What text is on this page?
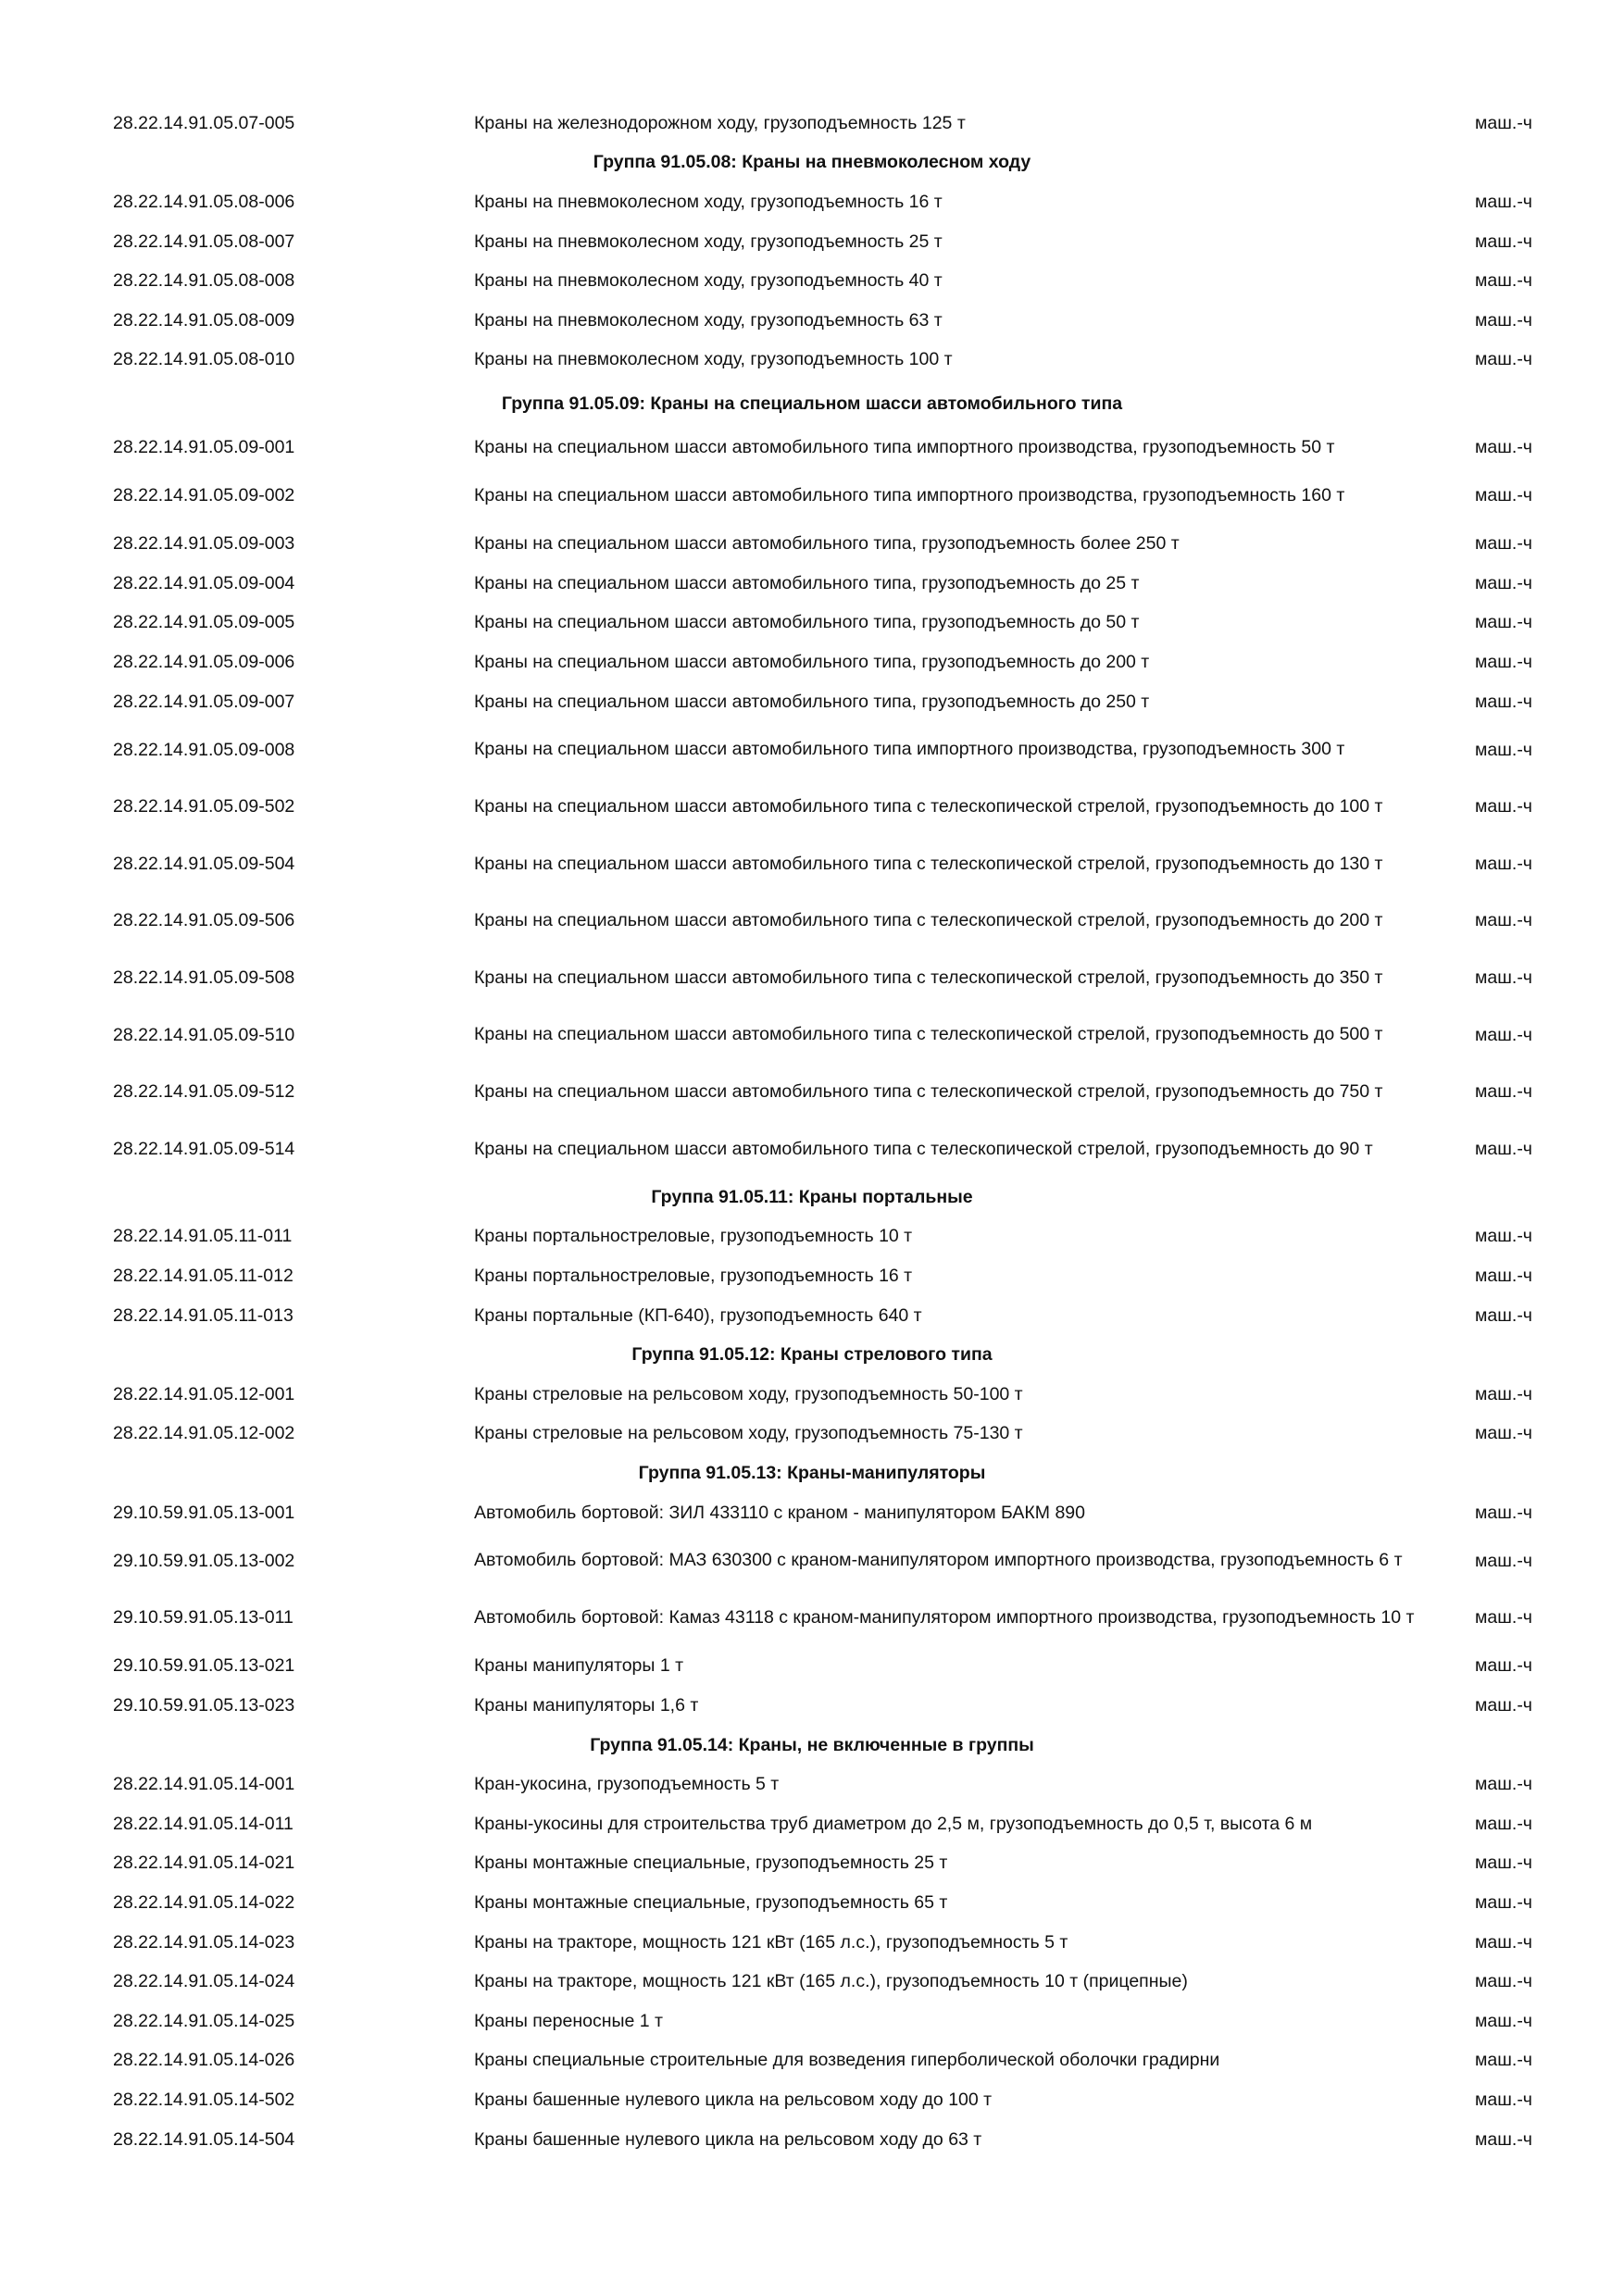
28.22.14.91.05.07-005	Краны на железнодорожном ходу, грузоподъемность 125 т	маш.-ч
Группа 91.05.08: Краны на пневмоколесном ходу
28.22.14.91.05.08-006	Краны на пневмоколесном ходу, грузоподъемность 16 т	маш.-ч
28.22.14.91.05.08-007	Краны на пневмоколесном ходу, грузоподъемность 25 т	маш.-ч
28.22.14.91.05.08-008	Краны на пневмоколесном ходу, грузоподъемность 40 т	маш.-ч
28.22.14.91.05.08-009	Краны на пневмоколесном ходу, грузоподъемность 63 т	маш.-ч
28.22.14.91.05.08-010	Краны на пневмоколесном ходу, грузоподъемность 100 т	маш.-ч
Группа 91.05.09: Краны на специальном шасси автомобильного типа
28.22.14.91.05.09-001	Краны на специальном шасси автомобильного типа импортного производства, грузоподъемность 50 т	маш.-ч
28.22.14.91.05.09-002	Краны на специальном шасси автомобильного типа импортного производства, грузоподъемность 160 т	маш.-ч
28.22.14.91.05.09-003	Краны на специальном шасси автомобильного типа, грузоподъемность более 250 т	маш.-ч
28.22.14.91.05.09-004	Краны на специальном шасси автомобильного типа, грузоподъемность до 25 т	маш.-ч
28.22.14.91.05.09-005	Краны на специальном шасси автомобильного типа, грузоподъемность до 50 т	маш.-ч
28.22.14.91.05.09-006	Краны на специальном шасси автомобильного типа, грузоподъемность до 200 т	маш.-ч
28.22.14.91.05.09-007	Краны на специальном шасси автомобильного типа, грузоподъемность до 250 т	маш.-ч
28.22.14.91.05.09-008	Краны на специальном шасси автомобильного типа импортного производства, грузоподъемность 300 т	маш.-ч
28.22.14.91.05.09-502	Краны на специальном шасси автомобильного типа с телескопической стрелой, грузоподъемность до 100 т	маш.-ч
28.22.14.91.05.09-504	Краны на специальном шасси автомобильного типа с телескопической стрелой, грузоподъемность до 130 т	маш.-ч
28.22.14.91.05.09-506	Краны на специальном шасси автомобильного типа с телескопической стрелой, грузоподъемность до 200 т	маш.-ч
28.22.14.91.05.09-508	Краны на специальном шасси автомобильного типа с телескопической стрелой, грузоподъемность до 350 т	маш.-ч
28.22.14.91.05.09-510	Краны на специальном шасси автомобильного типа с телескопической стрелой, грузоподъемность до 500 т	маш.-ч
28.22.14.91.05.09-512	Краны на специальном шасси автомобильного типа с телескопической стрелой, грузоподъемность до 750 т	маш.-ч
28.22.14.91.05.09-514	Краны на специальном шасси автомобильного типа с телескопической стрелой, грузоподъемность до 90 т	маш.-ч
Группа 91.05.11: Краны портальные
28.22.14.91.05.11-011	Краны портальнострелoвые, грузоподъемность 10 т	маш.-ч
28.22.14.91.05.11-012	Краны портальнострелoвые, грузоподъемность 16 т	маш.-ч
28.22.14.91.05.11-013	Краны портальные (КП-640), грузоподъемность 640 т	маш.-ч
Группа 91.05.12: Краны стрелового типа
28.22.14.91.05.12-001	Краны стреловые на рельсовом ходу, грузоподъемность 50-100 т	маш.-ч
28.22.14.91.05.12-002	Краны стреловые на рельсовом ходу, грузоподъемность 75-130 т	маш.-ч
Группа 91.05.13: Краны-манипуляторы
29.10.59.91.05.13-001	Автомобиль бортовой: ЗИЛ 433110 с краном - манипулятором БАКМ 890	маш.-ч
29.10.59.91.05.13-002	Автомобиль бортовой: МАЗ 630300 с краном-манипулятором импортного производства, грузоподъемность 6 т	маш.-ч
29.10.59.91.05.13-011	Автомобиль бортовой: Камаз 43118 с краном-манипулятором импортного производства, грузоподъемность 10 т	маш.-ч
29.10.59.91.05.13-021	Краны манипуляторы 1 т	маш.-ч
29.10.59.91.05.13-023	Краны манипуляторы 1,6 т	маш.-ч
Группа 91.05.14: Краны, не включенные в группы
28.22.14.91.05.14-001	Кран-укосина, грузоподъемность 5 т	маш.-ч
28.22.14.91.05.14-011	Краны-укосины для строительства труб диаметром до 2,5 м, грузоподъемность до 0,5 т, высота 6 м	маш.-ч
28.22.14.91.05.14-021	Краны монтажные специальные, грузоподъемность 25 т	маш.-ч
28.22.14.91.05.14-022	Краны монтажные специальные, грузоподъемность 65 т	маш.-ч
28.22.14.91.05.14-023	Краны на тракторе, мощность 121 кВт (165 л.с.), грузоподъемность 5 т	маш.-ч
28.22.14.91.05.14-024	Краны на тракторе, мощность 121 кВт (165 л.с.), грузоподъемность 10 т (прицепные)	маш.-ч
28.22.14.91.05.14-025	Краны переносные 1 т	маш.-ч
28.22.14.91.05.14-026	Краны специальные строительные для возведения гиперболической оболочки градирни	маш.-ч
28.22.14.91.05.14-502	Краны башенные нулевого цикла на рельсовом ходу до 100 т	маш.-ч
28.22.14.91.05.14-504	Краны башенные нулевого цикла на рельсовом ходу до 63 т	маш.-ч
